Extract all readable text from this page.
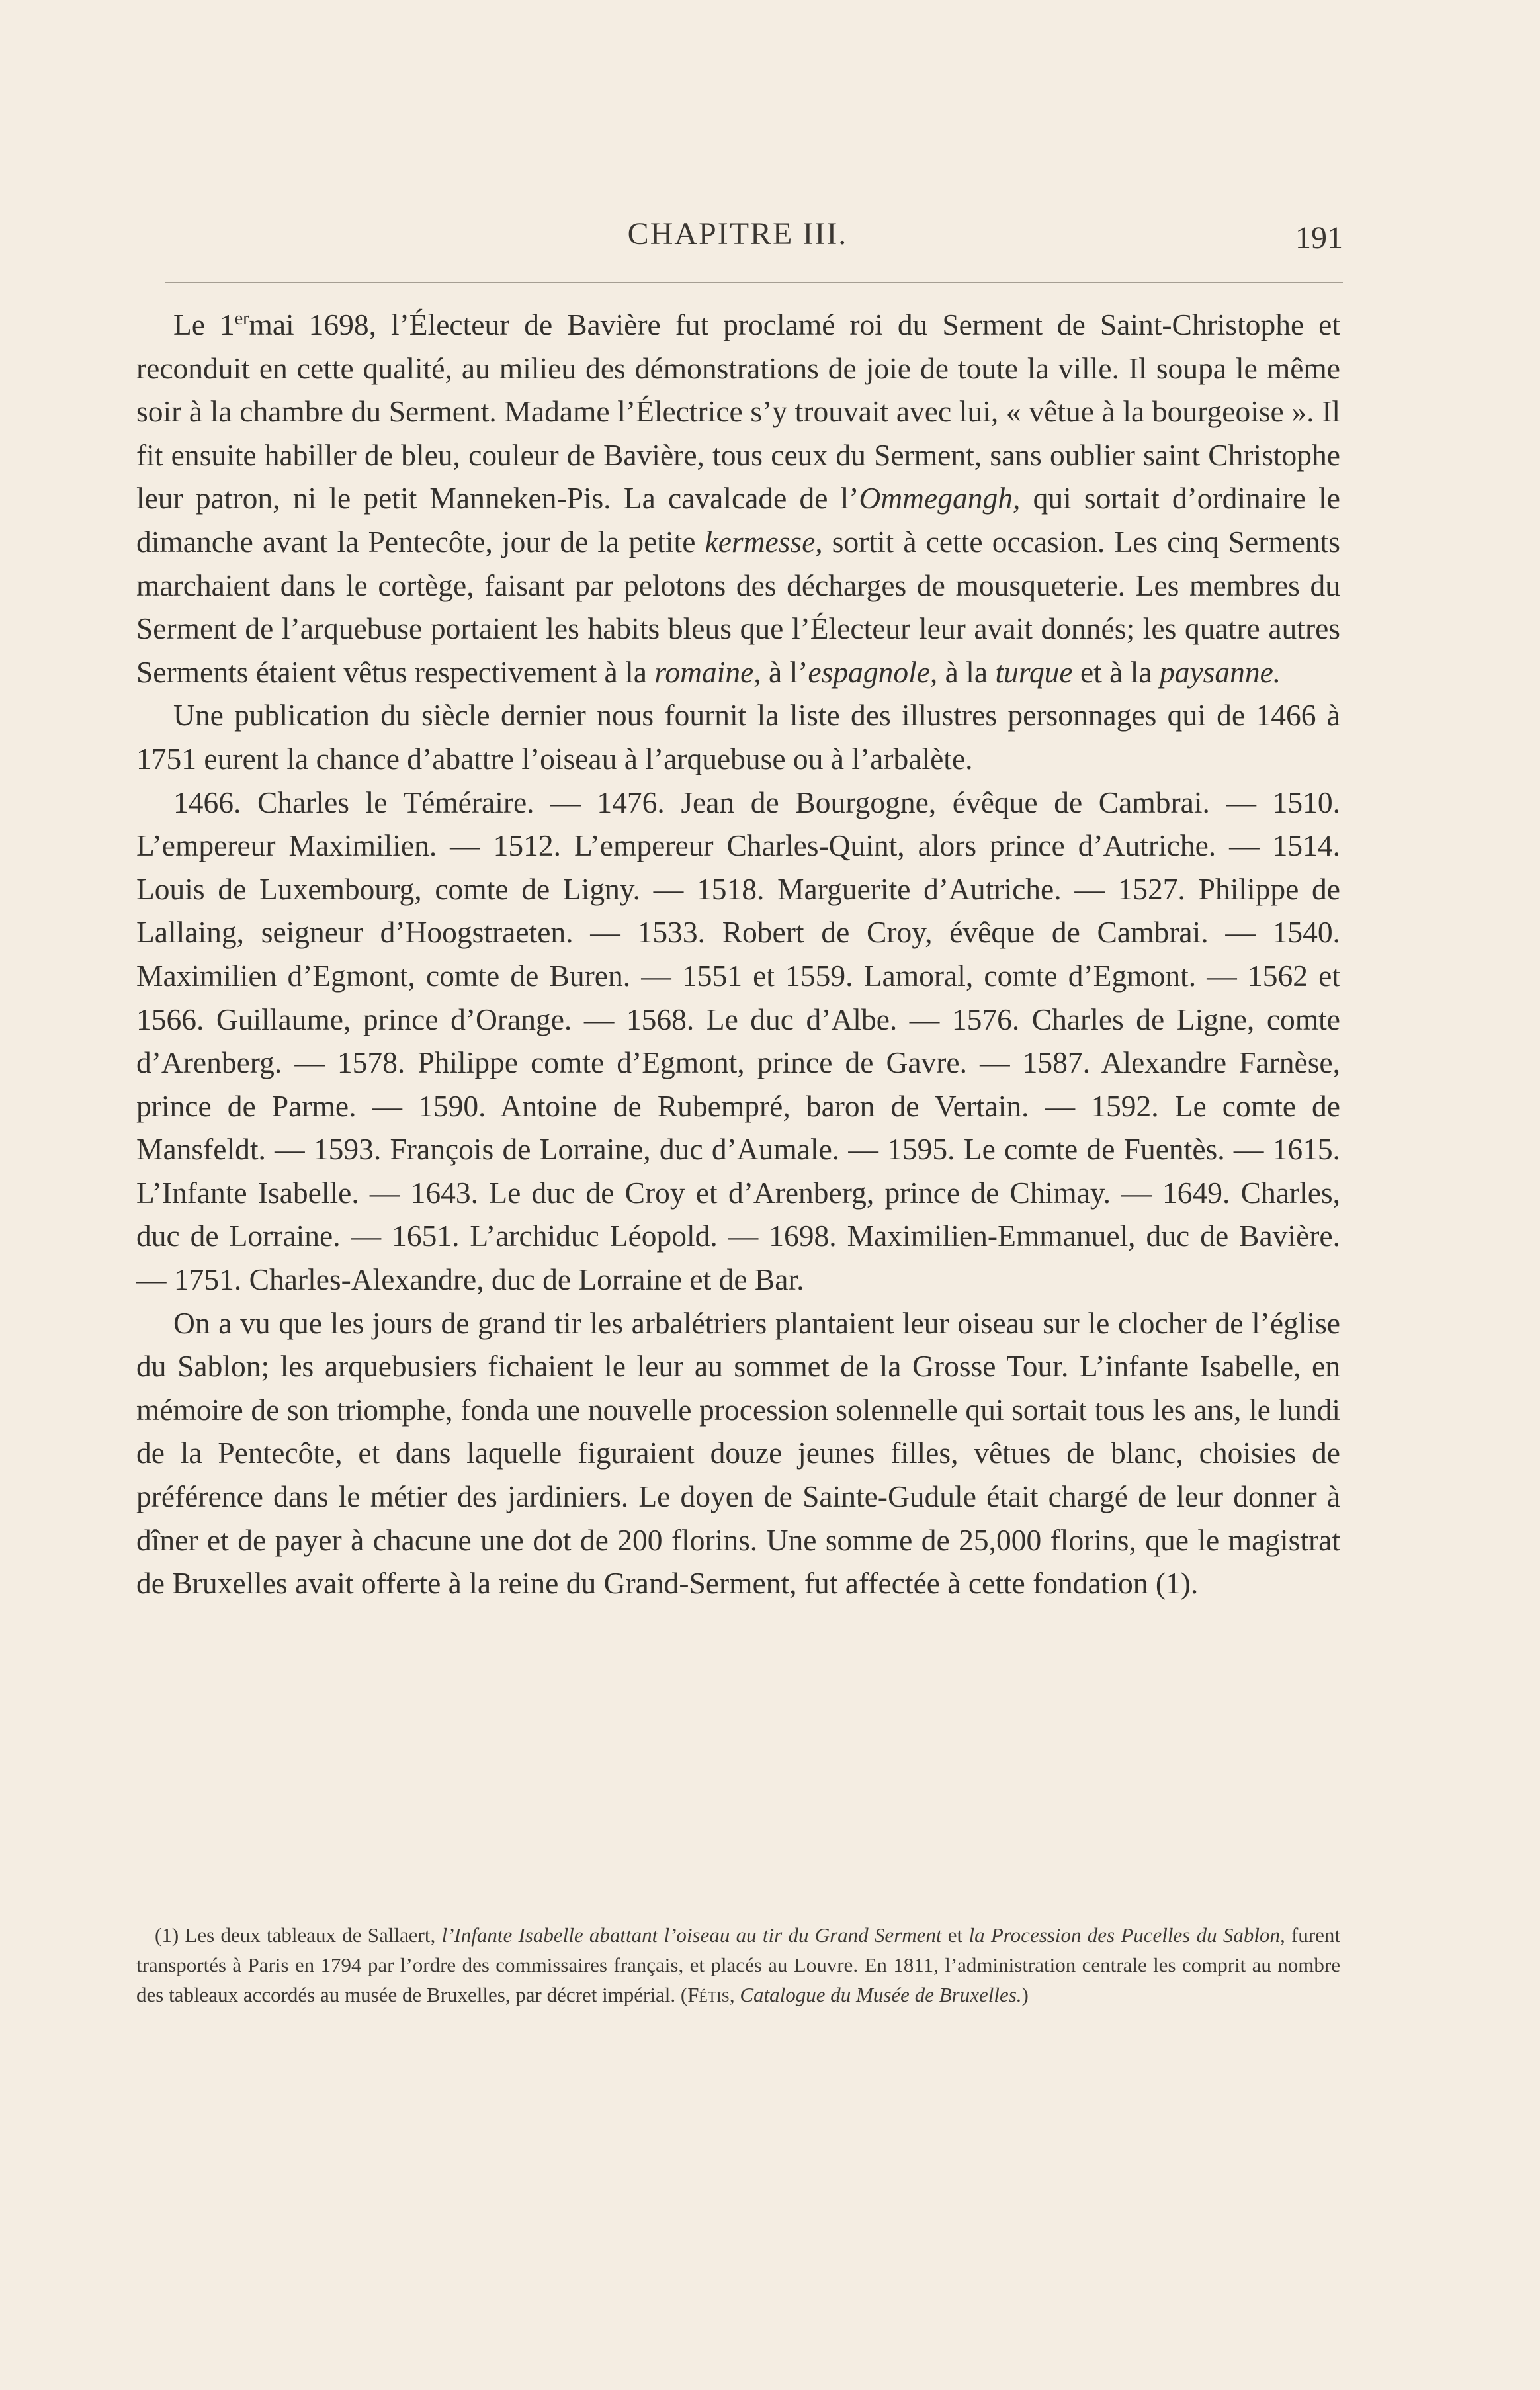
CHAPITRE III.	191

Le 1ermai 1698, l’Électeur de Bavière fut proclamé roi du Serment de Saint-Christophe et reconduit en cette qualité, au milieu des démonstrations de joie de toute la ville. Il soupa le même soir à la chambre du Serment. Madame l’Électrice s’y trouvait avec lui, « vêtue à la bourgeoise ». Il fit ensuite habiller de bleu, couleur de Bavière, tous ceux du Serment, sans oublier saint Christophe leur patron, ni le petit Manneken-Pis. La cavalcade de l’Ommegangh, qui sortait d’ordinaire le dimanche avant la Pentecôte, jour de la petite kermesse, sortit à cette occasion. Les cinq Serments marchaient dans le cortège, faisant par pelotons des décharges de mousqueterie. Les membres du Serment de l’arquebuse portaient les habits bleus que l’Électeur leur avait donnés; les quatre autres Serments étaient vêtus respectivement à la romaine, à l’espagnole, à la turque et à la paysanne.

Une publication du siècle dernier nous fournit la liste des illustres personnages qui de 1466 à 1751 eurent la chance d’abattre l’oiseau à l’arquebuse ou à l’arbalète.

1466. Charles le Téméraire. — 1476. Jean de Bourgogne, évêque de Cambrai. — 1510. L’empereur Maximilien. — 1512. L’empereur Charles-Quint, alors prince d’Autriche. — 1514. Louis de Luxembourg, comte de Ligny. — 1518. Marguerite d’Autriche. — 1527. Philippe de Lallaing, seigneur d’Hoogstraeten. — 1533. Robert de Croy, évêque de Cambrai. — 1540. Maximilien d’Egmont, comte de Buren. — 1551 et 1559. Lamoral, comte d’Egmont. — 1562 et 1566. Guillaume, prince d’Orange. — 1568. Le duc d’Albe. — 1576. Charles de Ligne, comte d’Arenberg. — 1578. Philippe comte d’Egmont, prince de Gavre. — 1587. Alexandre Farnèse, prince de Parme. — 1590. Antoine de Rubempré, baron de Vertain. — 1592. Le comte de Mansfeldt. — 1593. François de Lorraine, duc d’Aumale. — 1595. Le comte de Fuentès. — 1615. L’Infante Isabelle. — 1643. Le duc de Croy et d’Arenberg, prince de Chimay. — 1649. Charles, duc de Lorraine. — 1651. L’archiduc Léopold. — 1698. Maximilien-Emmanuel, duc de Bavière. — 1751. Charles-Alexandre, duc de Lorraine et de Bar.

On a vu que les jours de grand tir les arbalétriers plantaient leur oiseau sur le clocher de l’église du Sablon; les arquebusiers fichaient le leur au sommet de la Grosse Tour. L’infante Isabelle, en mémoire de son triomphe, fonda une nouvelle procession solennelle qui sortait tous les ans, le lundi de la Pentecôte, et dans laquelle figuraient douze jeunes filles, vêtues de blanc, choisies de préférence dans le métier des jardiniers. Le doyen de Sainte-Gudule était chargé de leur donner à dîner et de payer à chacune une dot de 200 florins. Une somme de 25,000 florins, que le magistrat de Bruxelles avait offerte à la reine du Grand-Serment, fut affectée à cette fondation (1).

(1) Les deux tableaux de Sallaert, l’Infante Isabelle abattant l’oiseau au tir du Grand Serment et la Procession des Pucelles du Sablon, furent transportés à Paris en 1794 par l’ordre des commissaires français, et placés au Louvre. En 1811, l’administration centrale les comprit au nombre des tableaux accordés au musée de Bruxelles, par décret impérial. (Fétis, Catalogue du Musée de Bruxelles.)
